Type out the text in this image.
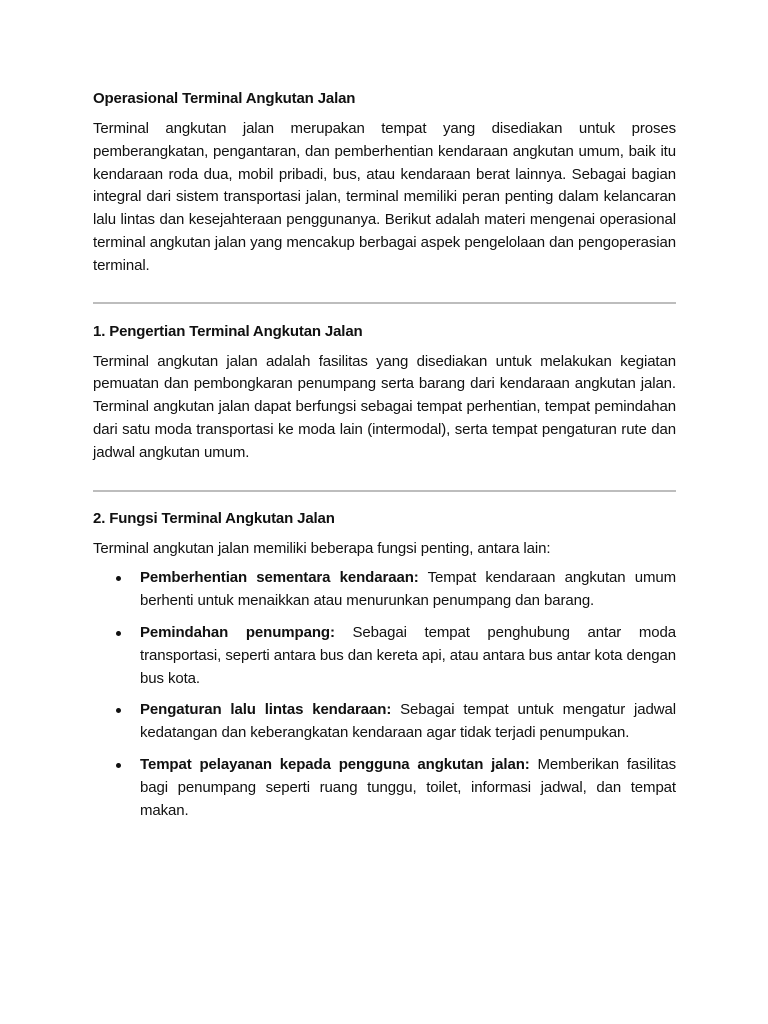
Operasional Terminal Angkutan Jalan

Terminal angkutan jalan merupakan tempat yang disediakan untuk proses pemberangkatan, pengantaran, dan pemberhentian kendaraan angkutan umum, baik itu kendaraan roda dua, mobil pribadi, bus, atau kendaraan berat lainnya. Sebagai bagian integral dari sistem transportasi jalan, terminal memiliki peran penting dalam kelancaran lalu lintas dan kesejahteraan penggunanya. Berikut adalah materi mengenai operasional terminal angkutan jalan yang mencakup berbagai aspek pengelolaan dan pengoperasian terminal.

1. Pengertian Terminal Angkutan Jalan

Terminal angkutan jalan adalah fasilitas yang disediakan untuk melakukan kegiatan pemuatan dan pembongkaran penumpang serta barang dari kendaraan angkutan jalan. Terminal angkutan jalan dapat berfungsi sebagai tempat perhentian, tempat pemindahan dari satu moda transportasi ke moda lain (intermodal), serta tempat pengaturan rute dan jadwal angkutan umum.

2. Fungsi Terminal Angkutan Jalan

Terminal angkutan jalan memiliki beberapa fungsi penting, antara lain:

Pemberhentian sementara kendaraan: Tempat kendaraan angkutan umum berhenti untuk menaikkan atau menurunkan penumpang dan barang.
Pemindahan penumpang: Sebagai tempat penghubung antar moda transportasi, seperti antara bus dan kereta api, atau antara bus antar kota dengan bus kota.
Pengaturan lalu lintas kendaraan: Sebagai tempat untuk mengatur jadwal kedatangan dan keberangkatan kendaraan agar tidak terjadi penumpukan.
Tempat pelayanan kepada pengguna angkutan jalan: Memberikan fasilitas bagi penumpang seperti ruang tunggu, toilet, informasi jadwal, dan tempat makan.
